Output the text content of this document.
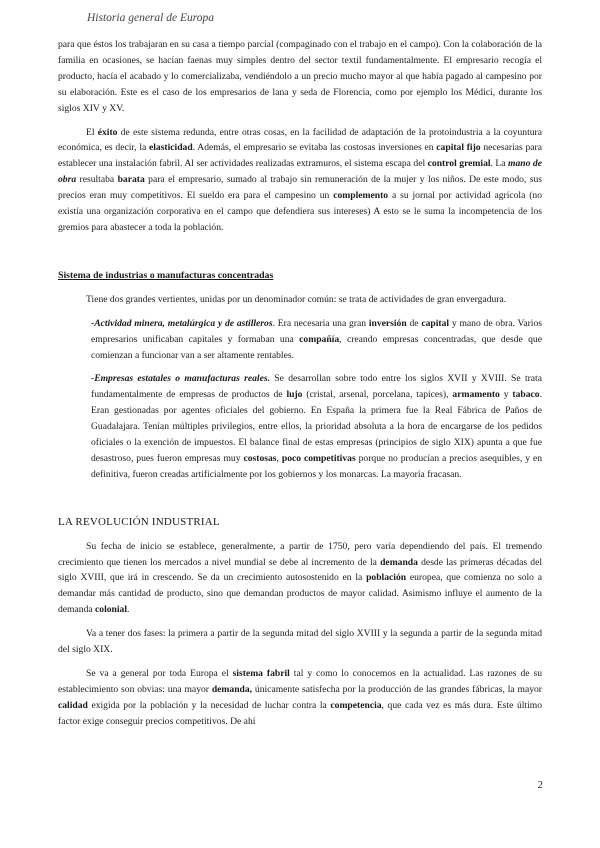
Historia general de Europa

para que éstos los trabajaran en su casa a tiempo parcial (compaginado con el trabajo en el campo). Con la colaboración de la familia en ocasiones, se hacían faenas muy simples dentro del sector textil fundamentalmente. El empresario recogía el producto, hacía el acabado y lo comercializaba, vendiéndolo a un precio mucho mayor al que había pagado al campesino por su elaboración. Este es el caso de los empresarios de lana y seda de Florencia, como por ejemplo los Médici, durante los siglos XIV y XV.

El éxito de este sistema redunda, entre otras cosas, en la facilidad de adaptación de la protoindustria a la coyuntura económica, es decir, la elasticidad. Además, el empresario se evitaba las costosas inversiones en capital fijo necesarias para establecer una instalación fabril. Al ser actividades realizadas extramuros, el sistema escapa del control gremial. La mano de obra resultaba barata para el empresario, sumado al trabajo sin remuneración de la mujer y los niños. De este modo, sus precios eran muy competitivos. El sueldo era para el campesino un complemento a su jornal por actividad agrícola (no existía una organización corporativa en el campo que defendiera sus intereses) A esto se le suma la incompetencia de los gremios para abastecer a toda la población.

Sistema de industrias o manufacturas concentradas

Tiene dos grandes vertientes, unidas por un denominador común: se trata de actividades de gran envergadura.

-Actividad minera, metalúrgica y de astilleros. Era necesaria una gran inversión de capital y mano de obra. Varios empresarios unificaban capitales y formaban una compañía, creando empresas concentradas, que desde que comienzan a funcionar van a ser altamente rentables.

-Empresas estatales o manufacturas reales. Se desarrollan sobre todo entre los siglos XVII y XVIII. Se trata fundamentalmente de empresas de productos de lujo (cristal, arsenal, porcelana, tapices), armamento y tabaco. Eran gestionadas por agentes oficiales del gobierno. En España la primera fue la Real Fábrica de Paños de Guadalajara. Tenían múltiples privilegios, entre ellos, la prioridad absoluta a la hora de encargarse de los pedidos oficiales o la exención de impuestos. El balance final de estas empresas (principios de siglo XIX) apunta a que fue desastroso, pues fueron empresas muy costosas, poco competitivas porque no producían a precios asequibles, y en definitiva, fueron creadas artificialmente por los gobiernos y los monarcas. La mayoría fracasan.

LA REVOLUCIÓN INDUSTRIAL

Su fecha de inicio se establece, generalmente, a partir de 1750, pero varía dependiendo del país. El tremendo crecimiento que tienen los mercados a nivel mundial se debe al incremento de la demanda desde las primeras décadas del siglo XVIII, que irá in crescendo. Se da un crecimiento autosostenido en la población europea, que comienza no solo a demandar más cantidad de producto, sino que demandan productos de mayor calidad. Asimismo influye el aumento de la demanda colonial.

Va a tener dos fases: la primera a partir de la segunda mitad del siglo XVIII y la segunda a partir de la segunda mitad del siglo XIX.

Se va a general por toda Europa el sistema fabril tal y como lo conocemos en la actualidad. Las razones de su establecimiento son obvias: una mayor demanda, únicamente satisfecha por la producción de las grandes fábricas, la mayor calidad exigida por la población y la necesidad de luchar contra la competencia, que cada vez es más dura. Este último factor exige conseguir precios competitivos. De ahí

2
